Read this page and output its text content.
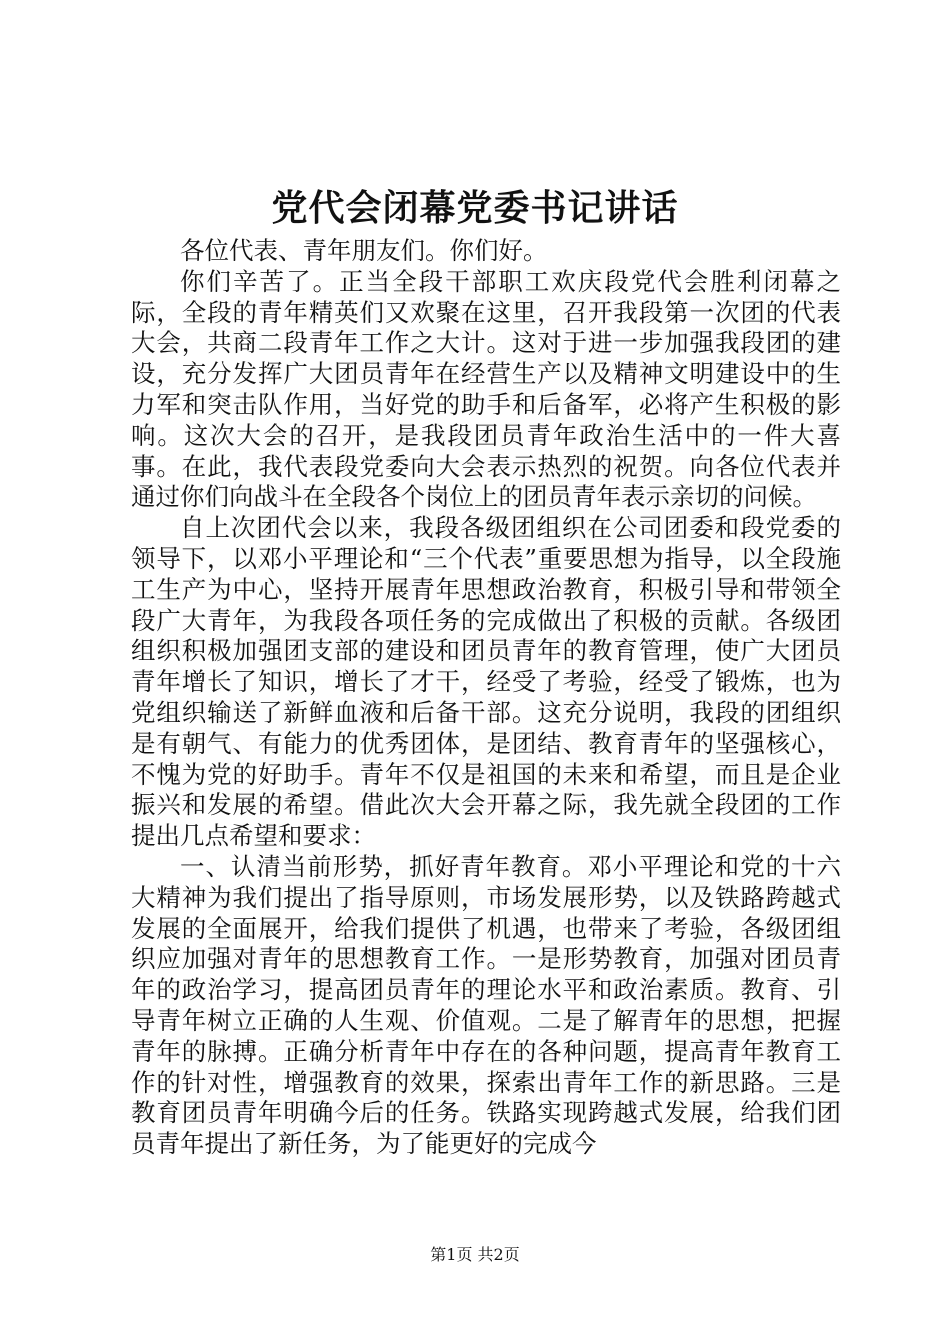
党代会闭幕党委书记讲话

各位代表、青年朋友们。你们好。

你们辛苦了。正当全段干部职工欢庆段党代会胜利闭幕之际，全段的青年精英们又欢聚在这里，召开我段第一次团的代表大会，共商二段青年工作之大计。这对于进一步加强我段团的建设，充分发挥广大团员青年在经营生产以及精神文明建设中的生力军和突击队作用，当好党的助手和后备军，必将产生积极的影响。这次大会的召开，是我段团员青年政治生活中的一件大喜事。在此，我代表段党委向大会表示热烈的祝贺。向各位代表并通过你们向战斗在全段各个岗位上的团员青年表示亲切的问候。

自上次团代会以来，我段各级团组织在公司团委和段党委的领导下，以邓小平理论和“三个代表”重要思想为指导，以全段施工生产为中心，坚持开展青年思想政治教育，积极引导和带领全段广大青年，为我段各项任务的完成做出了积极的贡献。各级团组织积极加强团支部的建设和团员青年的教育管理，使广大团员青年增长了知识，增长了才干，经受了考验，经受了锻炼，也为党组织输送了新鲜血液和后备干部。这充分说明，我段的团组织是有朝气、有能力的优秀团体，是团结、教育青年的坚强核心，不愧为党的好助手。青年不仅是祖国的未来和希望，而且是企业振兴和发展的希望。借此次大会开幕之际，我先就全段团的工作提出几点希望和要求：

一、认清当前形势，抓好青年教育。邓小平理论和党的十六大精神为我们提出了指导原则，市场发展形势，以及铁路跨越式发展的全面展开，给我们提供了机遇，也带来了考验，各级团组织应加强对青年的思想教育工作。一是形势教育，加强对团员青年的政治学习，提高团员青年的理论水平和政治素质。教育、引导青年树立正确的人生观、价值观。二是了解青年的思想，把握青年的脉搏。正确分析青年中存在的各种问题，提高青年教育工作的针对性，增强教育的效果，探索出青年工作的新思路。三是教育团员青年明确今后的任务。铁路实现跨越式发展，给我们团员青年提出了新任务，为了能更好的完成今

第1页 共2页
